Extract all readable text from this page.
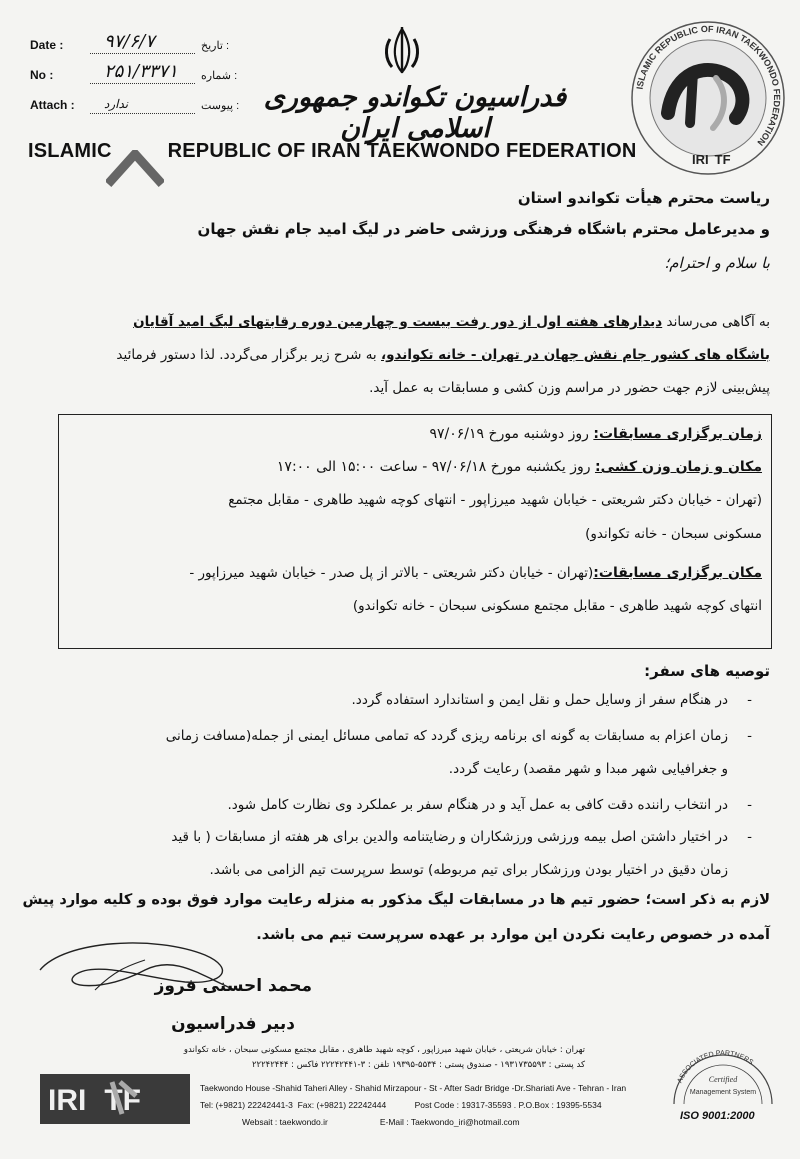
Date :	۹۷/۶/۷	تاریخ :
No :	۲۵۱/۳۳۷۱ شماره :
Attach :	ندارد	پیوست : فدراسیون تکواندو جمهوری اسلامی ایران
ISLAMIC	REPUBLIC OF IRAN TAEKWONDO FEDERATION
ISLAMIC REPUBLIC OF IRAN TAEKWONDO FEDERATION
IRI TF
ریاست محترم هیأت تکواندو استان
و مدیرعامل محترم باشگاه فرهنگی ورزشی حاضر در لیگ امید جام نقش جهان
با سلام و احترام؛
به آگاهی می‌رساند دیدارهای هفته اول از دور رفت بیست و چهارمین دوره رقابتهای لیگ امید آقایان
باشگاه های کشور جام نقش جهان در تهران - خانه تکواندو، به شرح زیر برگزار می‌گردد. لذا دستور فرمائید
پیش‌بینی لازم جهت حضور در مراسم وزن کشی و مسابقات به عمل آید.
زمان برگزاری مسابقات: روز دوشنبه مورخ ۹۷/۰۶/۱۹
مکان و زمان وزن کشی: روز یکشنبه مورخ ۹۷/۰۶/۱۸ - ساعت ۱۵:۰۰ الی ۱۷:۰۰
(تهران - خیابان دکتر شریعتی - خیابان شهید میرزاپور - انتهای کوچه شهید طاهری - مقابل مجتمع
مسکونی سبحان - خانه تکواندو)
مکان برگزاری مسابقات:(تهران - خیابان دکتر شریعتی - بالاتر از پل صدر - خیابان شهید میرزاپور -
انتهای کوچه شهید طاهری - مقابل مجتمع مسکونی سبحان - خانه تکواندو)
توصیه های سفر:
در هنگام سفر از وسایل حمل و نقل ایمن و استاندارد استفاده گردد. -
زمان اعزام به مسابقات به گونه ای برنامه ریزی گردد که تمامی مسائل ایمنی از جمله(مسافت زمانی -
و جغرافیایی شهر مبدا و شهر مقصد) رعایت گردد.
در انتخاب راننده دقت کافی به عمل آید و در هنگام سفر بر عملکرد وی نظارت کامل شود. -
در اختیار داشتن اصل بیمه ورزشی ورزشکاران و رضایتنامه والدین برای هر هفته از مسابقات ( با قید -
زمان دقیق در اختیار بودن ورزشکار برای تیم مربوطه) توسط سرپرست تیم الزامی می باشد.
لازم به ذکر است؛ حضور تیم ها در مسابقات لیگ مذکور به منزله رعایت موارد فوق بوده و کلیه موارد پیش
آمده در خصوص رعایت نکردن این موارد بر عهده سرپرست تیم می باشد.
محمد احسنی فروز
دبیر فدراسیون
تهران : خیابان شریعتی ، خیابان شهید میرزاپور ، کوچه شهید طاهری ، مقابل مجتمع مسکونی سبحان ، خانه تکواندو
کد پستی : ۱۹۳۱۷۳۵۵۹۳ - صندوق پستی : ۵۵۳۴-۱۹۳۹۵ تلفن : ۳-۲۲۲۴۲۴۴۱ فاکس : ۲۲۲۴۲۴۴۴
IRI TF	Taekwondo House -Shahid Taheri Alley - Shahid Mirzapour - St - After Sadr Bridge -Dr.Shariati Ave - Tehran - Iran
Tel: (+9821) 22242441-3 Fax: (+9821) 22242444	Post Code : 19317-35593 . P.O.Box : 19395-5534
Websait : taekwondo.ir	E-Mail : Taekwondo_iri@hotmail.com
ASSOCIATED PARTNERS
Certified
Management System
ISO 9001:2000
